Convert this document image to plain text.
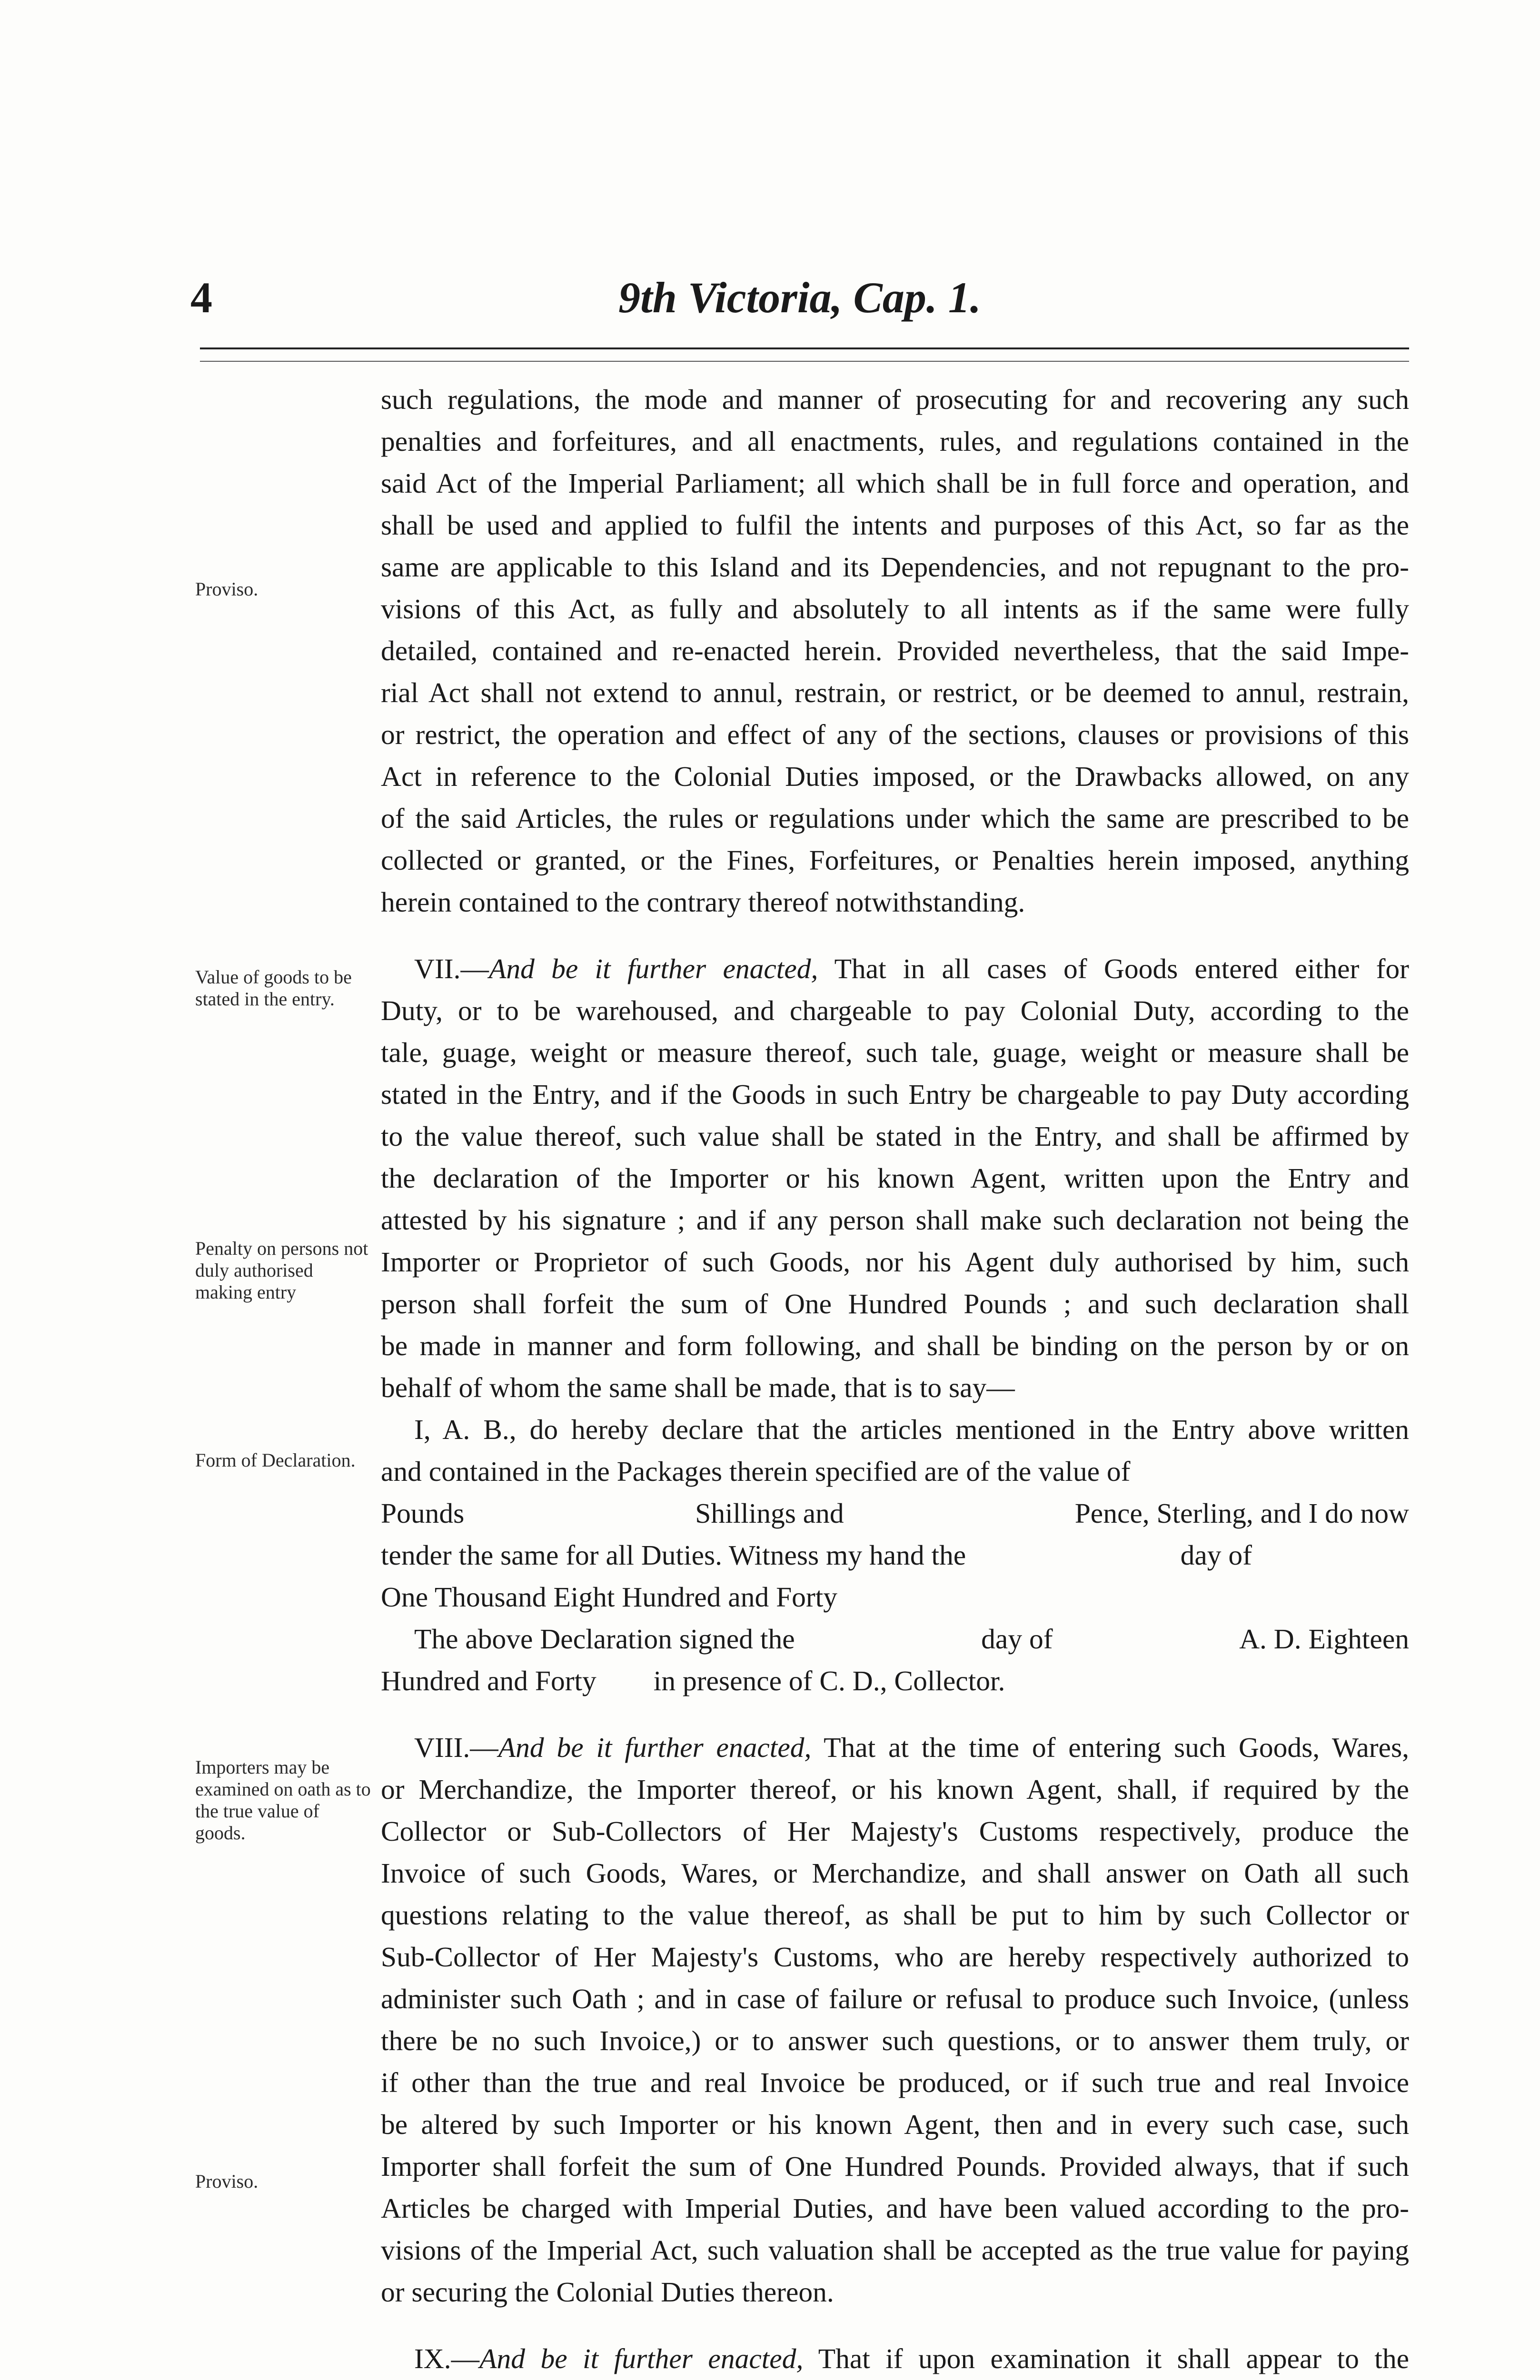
4	9th Victoria, Cap. 1.
Proviso.
Value of goods to be stated in the entry.
Penalty on persons not duly authorised making entry
Form of Declaration.
Importers may be examined on oath as to the true value of goods.
Proviso.
such regulations, the mode and manner of prosecuting for and recovering any such
penalties and forfeitures, and all enactments, rules, and regulations contained in the
said Act of the Imperial Parliament; all which shall be in full force and operation, and
shall be used and applied to fulfil the intents and purposes of this Act, so far as the
same are applicable to this Island and its Dependencies, and not repugnant to the pro-
visions of this Act, as fully and absolutely to all intents as if the same were fully
detailed, contained and re-enacted herein. Provided nevertheless, that the said Impe-
rial Act shall not extend to annul, restrain, or restrict, or be deemed to annul, restrain,
or restrict, the operation and effect of any of the sections, clauses or provisions of this
Act in reference to the Colonial Duties imposed, or the Drawbacks allowed, on any
of the said Articles, the rules or regulations under which the same are prescribed to be
collected or granted, or the Fines, Forfeitures, or Penalties herein imposed, anything
herein contained to the contrary thereof notwithstanding.
VII.—And be it further enacted, That in all cases of Goods entered either for
Duty, or to be warehoused, and chargeable to pay Colonial Duty, according to the
tale, guage, weight or measure thereof, such tale, guage, weight or measure shall be
stated in the Entry, and if the Goods in such Entry be chargeable to pay Duty according
to the value thereof, such value shall be stated in the Entry, and shall be affirmed by
the declaration of the Importer or his known Agent, written upon the Entry and
attested by his signature ; and if any person shall make such declaration not being the
Importer or Proprietor of such Goods, nor his Agent duly authorised by him, such
person shall forfeit the sum of One Hundred Pounds ; and such declaration shall
be made in manner and form following, and shall be binding on the person by or on
behalf of whom the same shall be made, that is to say—
I, A. B., do hereby declare that the articles mentioned in the Entry above written
and contained in the Packages therein specified are of the value of
Pounds	Shillings and	Pence, Sterling, and I do now
tender the same for all Duties. Witness my hand the	day of
One Thousand Eight Hundred and Forty
The above Declaration signed the	day of	A. D. Eighteen
Hundred and Forty in presence of C. D., Collector.
VIII.—And be it further enacted, That at the time of entering such Goods, Wares,
or Merchandize, the Importer thereof, or his known Agent, shall, if required by the
Collector or Sub-Collectors of Her Majesty's Customs respectively, produce the
Invoice of such Goods, Wares, or Merchandize, and shall answer on Oath all such
questions relating to the value thereof, as shall be put to him by such Collector or
Sub-Collector of Her Majesty's Customs, who are hereby respectively authorized to
administer such Oath ; and in case of failure or refusal to produce such Invoice, (unless
there be no such Invoice,) or to answer such questions, or to answer them truly, or
if other than the true and real Invoice be produced, or if such true and real Invoice
be altered by such Importer or his known Agent, then and in every such case, such
Importer shall forfeit the sum of One Hundred Pounds. Provided always, that if such
Articles be charged with Imperial Duties, and have been valued according to the pro-
visions of the Imperial Act, such valuation shall be accepted as the true value for paying
or securing the Colonial Duties thereon.
IX.—And be it further enacted, That if upon examination it shall appear to the
